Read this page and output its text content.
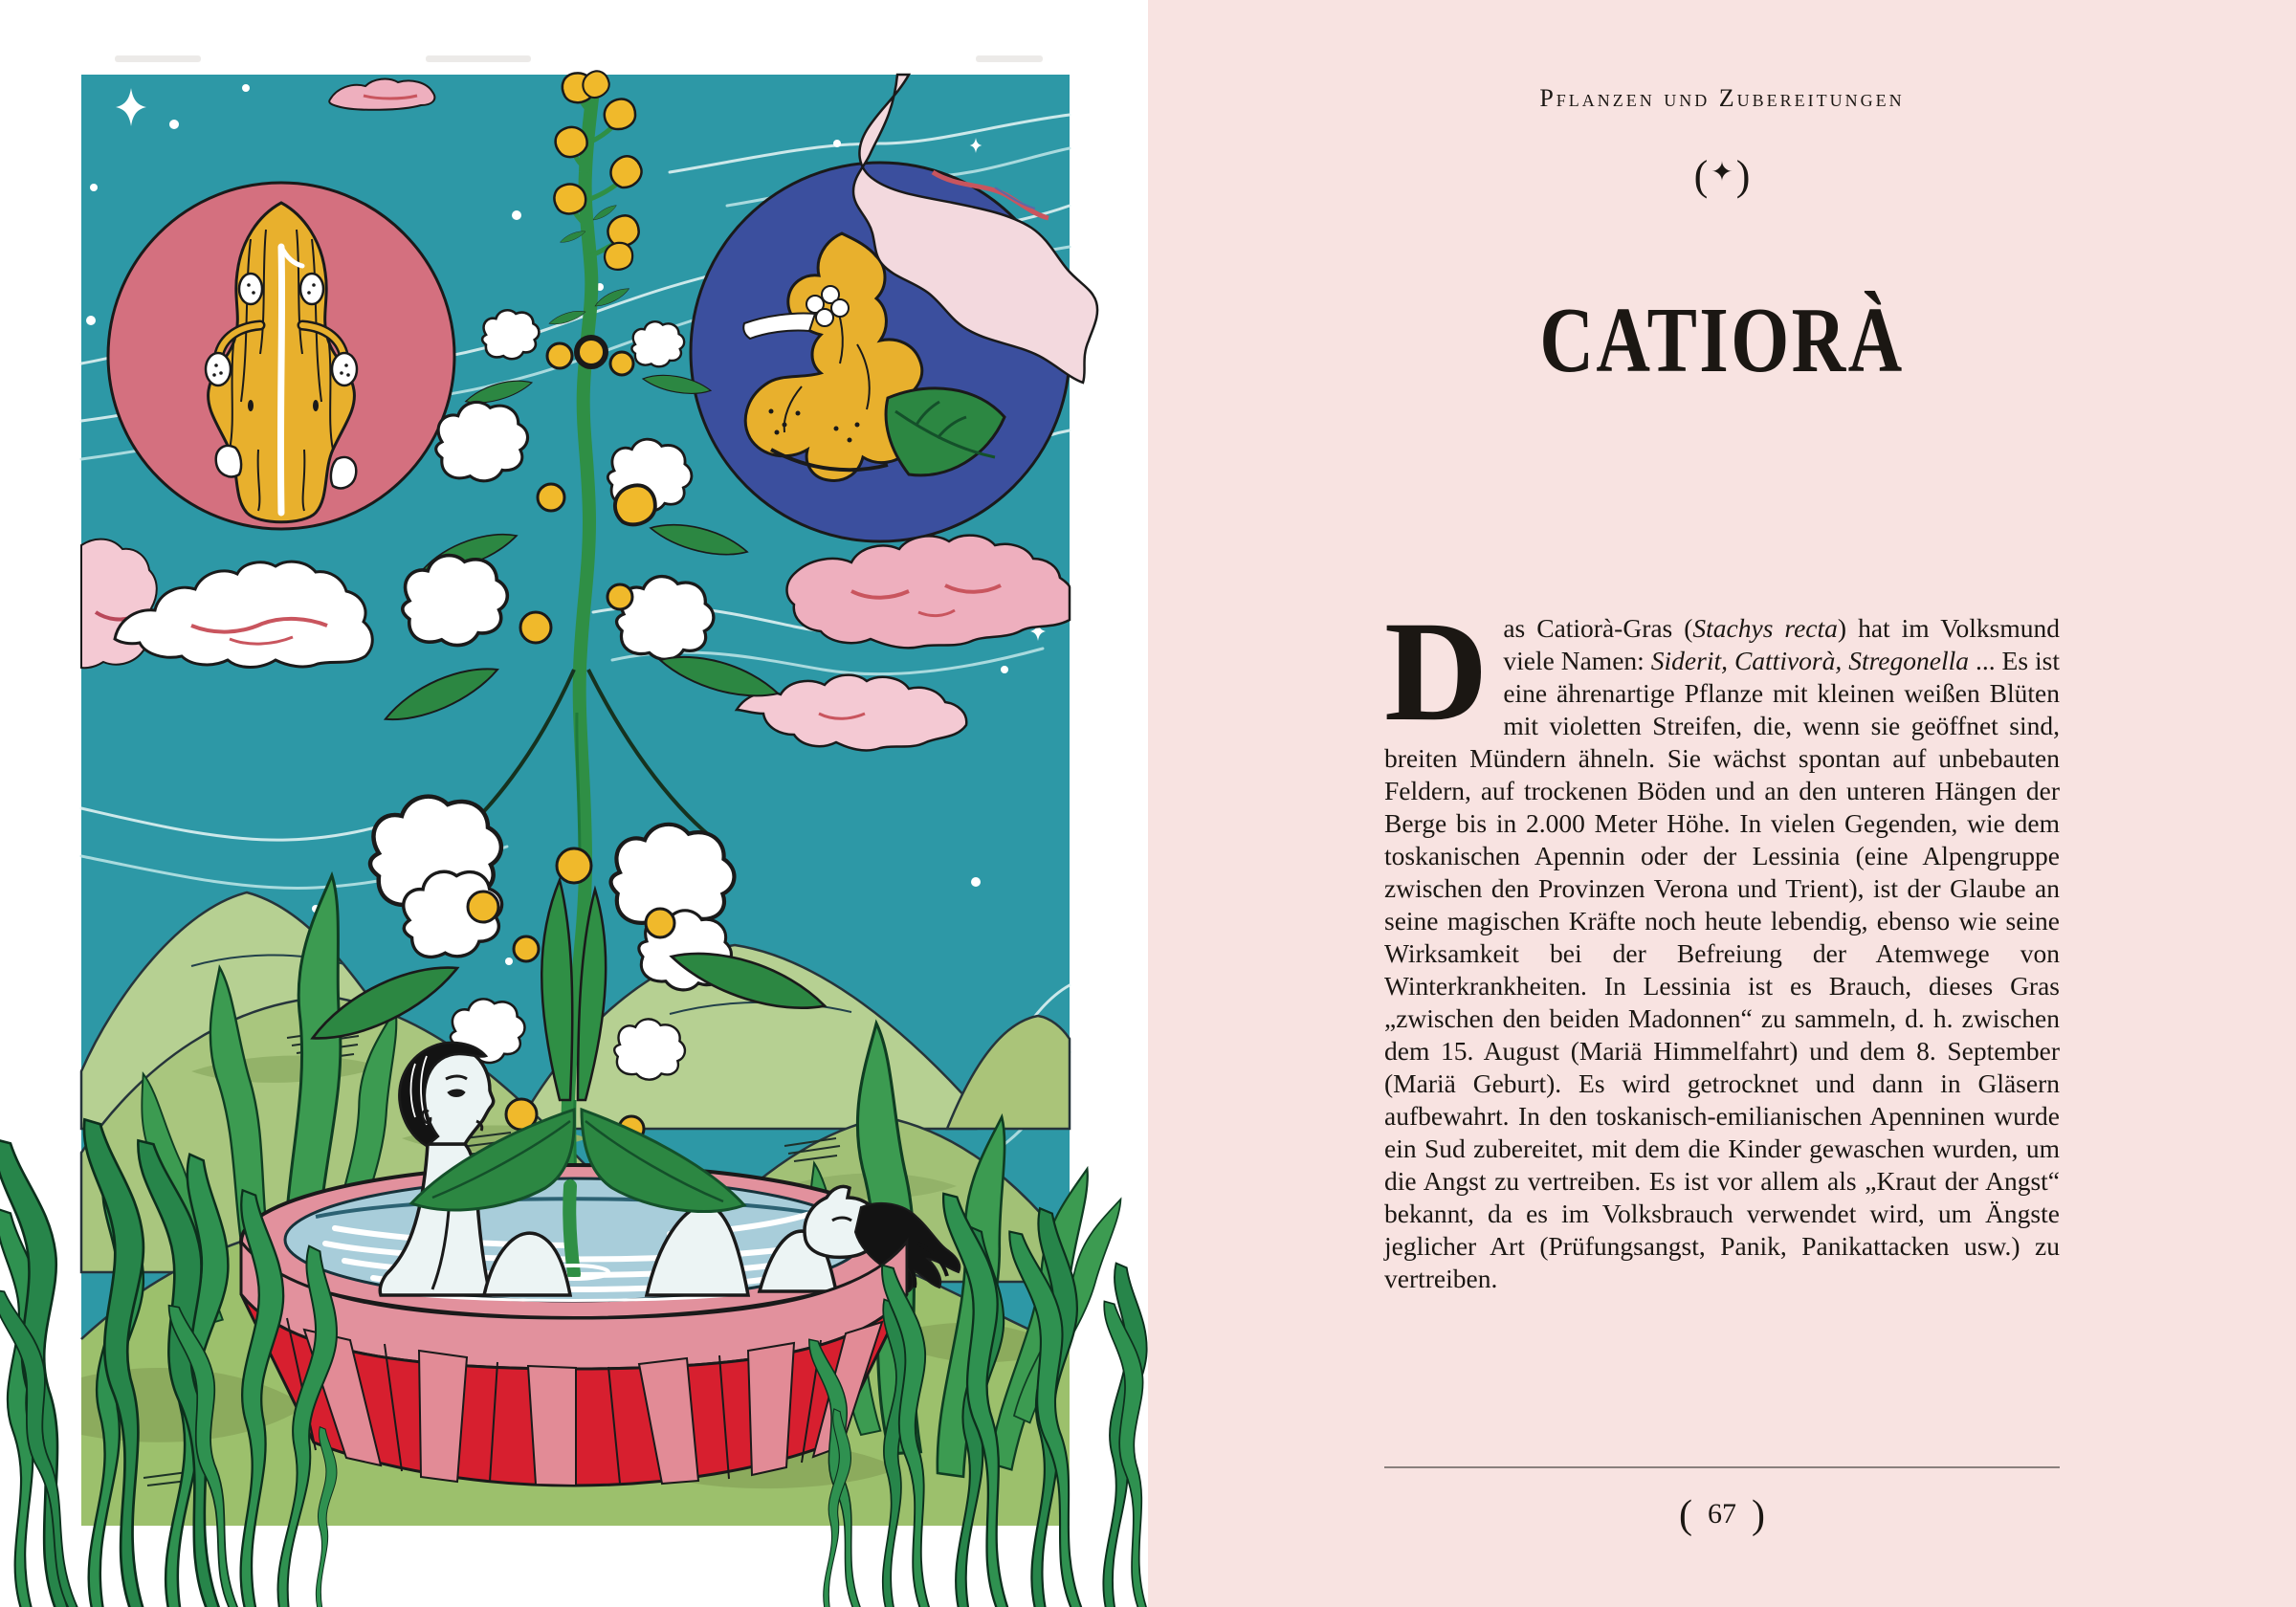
Pflanzen und Zubereitungen
( ✦)
CATIORÀ
Das Catiorà-Gras (Stachys recta) hat im Volksmund viele Namen: Siderit, Cattivorà, Stregonella ... Es ist eine ährenartige Pflanze mit kleinen weißen Blüten mit violetten Streifen, die, wenn sie geöffnet sind, breiten Mündern ähneln. Sie wächst spontan auf unbebauten Feldern, auf trockenen Böden und an den unteren Hängen der Berge bis in 2.000 Meter Höhe. In vielen Gegenden, wie dem toskanischen Apennin oder der Lessinia (eine Alpengruppe zwischen den Provinzen Verona und Trient), ist der Glaube an seine magischen Kräfte noch heute lebendig, ebenso wie seine Wirksamkeit bei der Befreiung der Atemwege von Winterkrankheiten. In Lessinia ist es Brauch, dieses Gras „zwischen den beiden Madonnen“ zu sammeln, d. h. zwischen dem 15. August (Mariä Himmelfahrt) und dem 8. September (Mariä Geburt). Es wird getrocknet und dann in Gläsern aufbewahrt. In den toskanisch-emilianischen Apenninen wurde ein Sud zubereitet, mit dem die Kinder gewaschen wurden, um die Angst zu vertreiben. Es ist vor allem als „Kraut der Angst“ bekannt, da es im Volksbrauch verwendet wird, um Ängste jeglicher Art (Prüfungsangst, Panik, Panikattacken usw.) zu vertreiben.
( 67 )
